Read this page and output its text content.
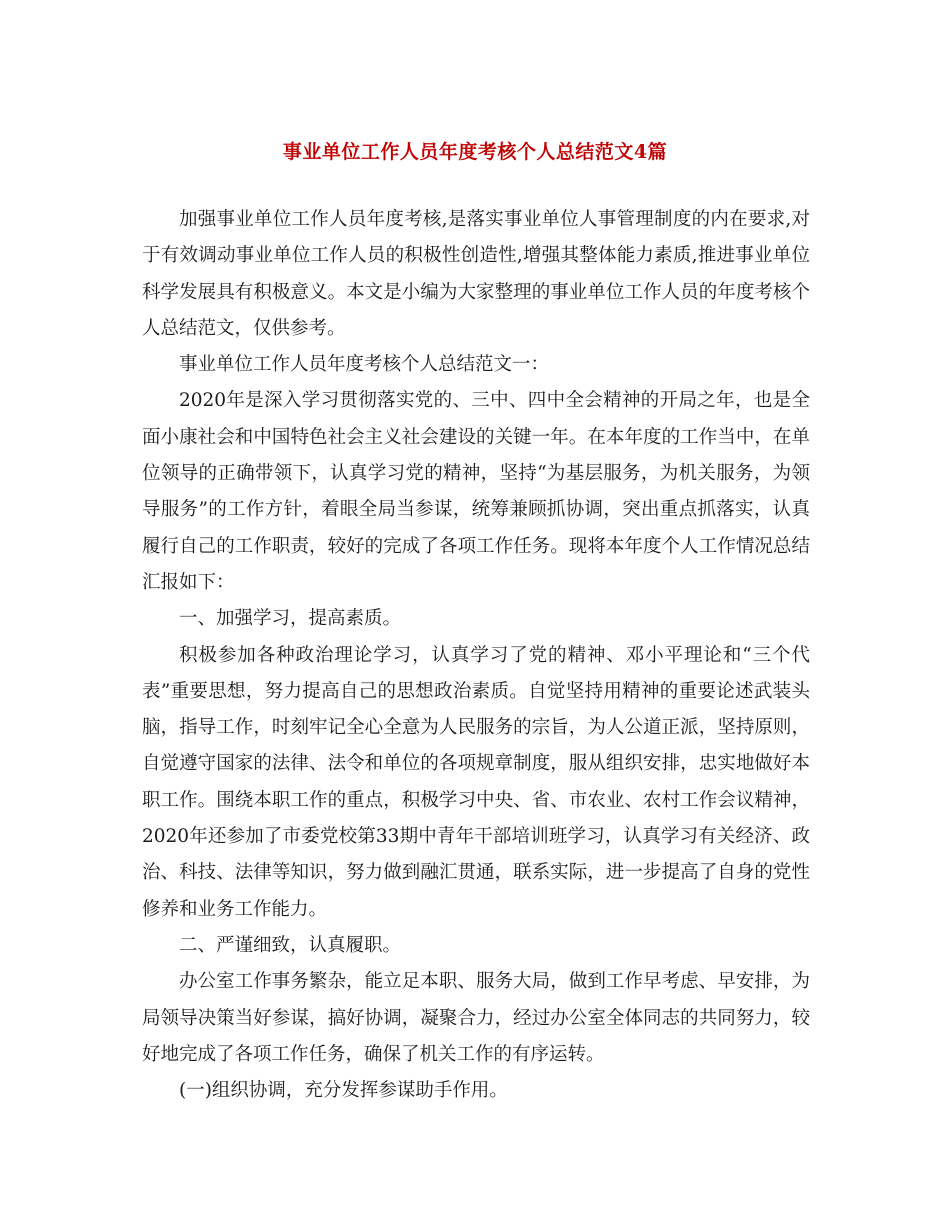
事业单位工作人员年度考核个人总结范文4篇

加强事业单位工作人员年度考核,是落实事业单位人事管理制度的内在要求,对于有效调动事业单位工作人员的积极性创造性,增强其整体能力素质,推进事业单位科学发展具有积极意义。本文是小编为大家整理的事业单位工作人员的年度考核个人总结范文，仅供参考。

事业单位工作人员年度考核个人总结范文一：

2020年是深入学习贯彻落实党的、三中、四中全会精神的开局之年，也是全面小康社会和中国特色社会主义社会建设的关键一年。在本年度的工作当中，在单位领导的正确带领下，认真学习党的精神，坚持“为基层服务，为机关服务，为领导服务”的工作方针，着眼全局当参谋，统筹兼顾抓协调，突出重点抓落实，认真履行自己的工作职责，较好的完成了各项工作任务。现将本年度个人工作情况总结汇报如下：

一、加强学习，提高素质。

积极参加各种政治理论学习，认真学习了党的精神、邓小平理论和“三个代表”重要思想，努力提高自己的思想政治素质。自觉坚持用精神的重要论述武装头脑，指导工作，时刻牢记全心全意为人民服务的宗旨，为人公道正派，坚持原则，自觉遵守国家的法律、法令和单位的各项规章制度，服从组织安排，忠实地做好本职工作。围绕本职工作的重点，积极学习中央、省、市农业、农村工作会议精神，2020年还参加了市委党校第33期中青年干部培训班学习，认真学习有关经济、政治、科技、法律等知识，努力做到融汇贯通，联系实际，进一步提高了自身的党性修养和业务工作能力。

二、严谨细致，认真履职。

办公室工作事务繁杂，能立足本职、服务大局，做到工作早考虑、早安排，为局领导决策当好参谋，搞好协调，凝聚合力，经过办公室全体同志的共同努力，较好地完成了各项工作任务，确保了机关工作的有序运转。

(一)组织协调，充分发挥参谋助手作用。
